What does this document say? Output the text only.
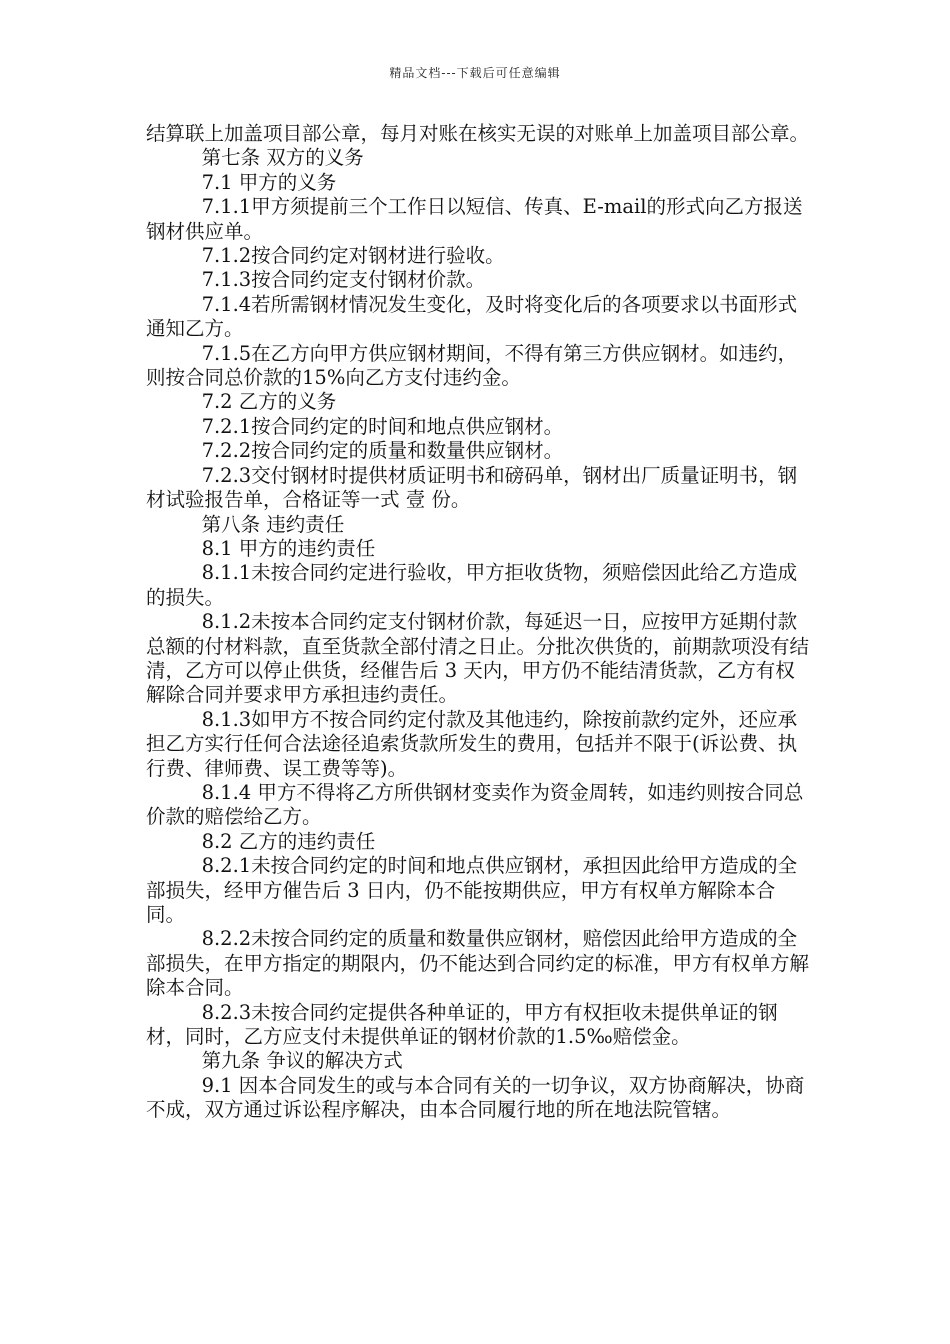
精品文档---下载后可任意编辑

结算联上加盖项目部公章，每月对账在核实无误的对账单上加盖项目部公章。

第七条 双方的义务

7.1 甲方的义务

7.1.1甲方须提前三个工作日以短信、传真、E-mail的形式向乙方报送钢材供应单。

7.1.2按合同约定对钢材进行验收。

7.1.3按合同约定支付钢材价款。

7.1.4若所需钢材情况发生变化，及时将变化后的各项要求以书面形式通知乙方。

7.1.5在乙方向甲方供应钢材期间，不得有第三方供应钢材。如违约，则按合同总价款的15%向乙方支付违约金。

7.2 乙方的义务

7.2.1按合同约定的时间和地点供应钢材。

7.2.2按合同约定的质量和数量供应钢材。

7.2.3交付钢材时提供材质证明书和磅码单，钢材出厂质量证明书，钢材试验报告单，合格证等一式 壹 份。

第八条 违约责任

8.1 甲方的违约责任

8.1.1未按合同约定进行验收，甲方拒收货物，须赔偿因此给乙方造成的损失。

8.1.2未按本合同约定支付钢材价款，每延迟一日，应按甲方延期付款总额的付材料款，直至货款全部付清之日止。分批次供货的，前期款项没有结清，乙方可以停止供货，经催告后 3 天内，甲方仍不能结清货款，乙方有权解除合同并要求甲方承担违约责任。

8.1.3如甲方不按合同约定付款及其他违约，除按前款约定外，还应承担乙方实行任何合法途径追索货款所发生的费用，包括并不限于(诉讼费、执行费、律师费、误工费等等)。

8.1.4 甲方不得将乙方所供钢材变卖作为资金周转，如违约则按合同总价款的赔偿给乙方。

8.2 乙方的违约责任

8.2.1未按合同约定的时间和地点供应钢材，承担因此给甲方造成的全部损失，经甲方催告后 3 日内，仍不能按期供应，甲方有权单方解除本合同。

8.2.2未按合同约定的质量和数量供应钢材，赔偿因此给甲方造成的全部损失，在甲方指定的期限内，仍不能达到合同约定的标准，甲方有权单方解除本合同。

8.2.3未按合同约定提供各种单证的，甲方有权拒收未提供单证的钢材，同时，乙方应支付未提供单证的钢材价款的1.5‰赔偿金。

第九条 争议的解决方式

9.1 因本合同发生的或与本合同有关的一切争议，双方协商解决，协商不成，双方通过诉讼程序解决，由本合同履行地的所在地法院管辖。
